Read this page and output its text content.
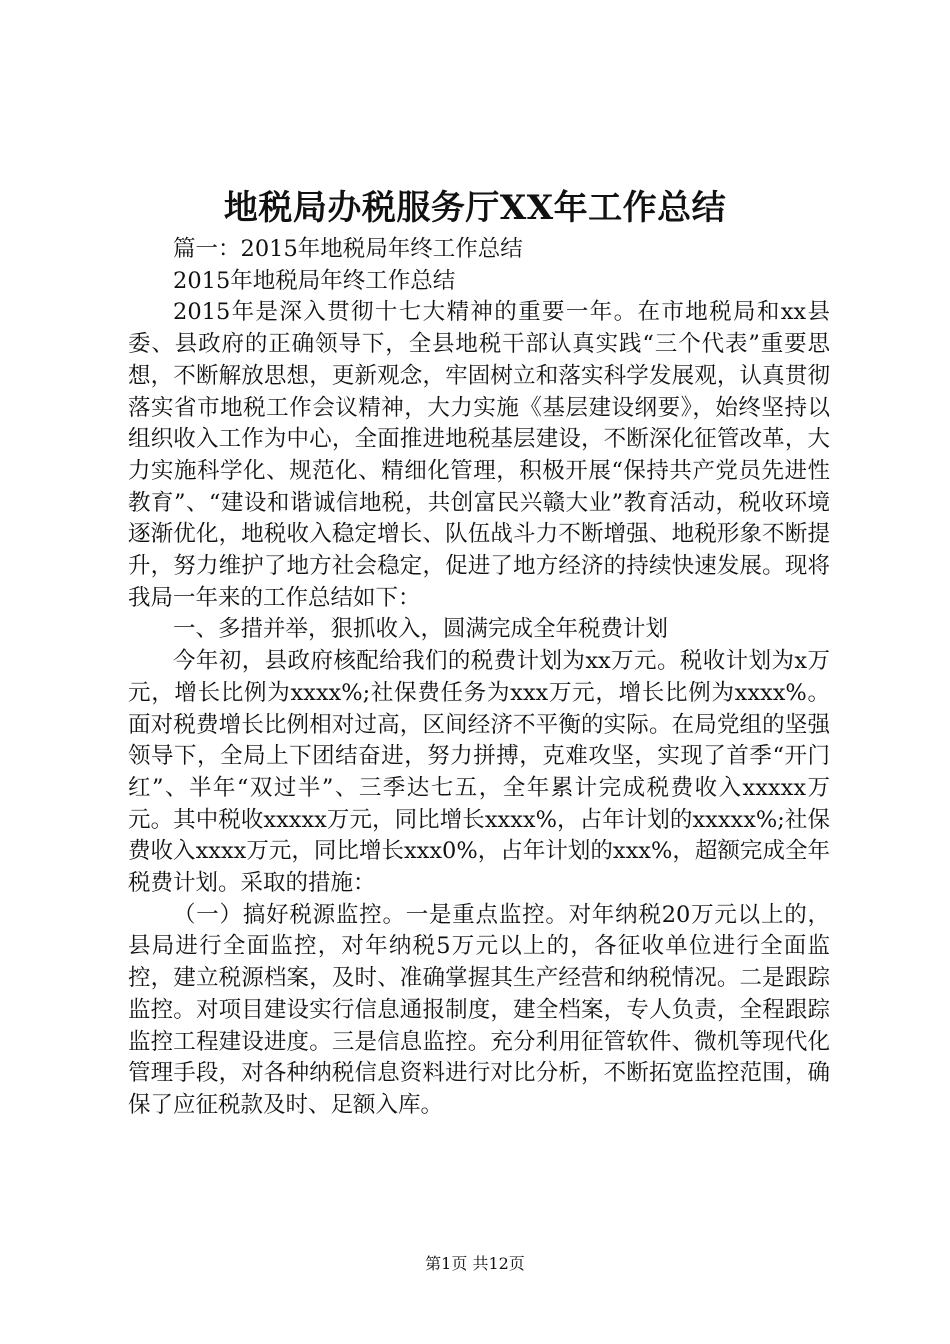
地税局办税服务厅XX年工作总结

篇一：2015年地税局年终工作总结

2015年地税局年终工作总结

2015年是深入贯彻十七大精神的重要一年。在市地税局和xx县委、县政府的正确领导下，全县地税干部认真实践“三个代表”重要思想，不断解放思想，更新观念，牢固树立和落实科学发展观，认真贯彻落实省市地税工作会议精神，大力实施《基层建设纲要》，始终坚持以组织收入工作为中心，全面推进地税基层建设，不断深化征管改革，大力实施科学化、规范化、精细化管理，积极开展“保持共产党员先进性教育”、“建设和谐诚信地税，共创富民兴赣大业”教育活动，税收环境逐渐优化，地税收入稳定增长、队伍战斗力不断增强、地税形象不断提升，努力维护了地方社会稳定，促进了地方经济的持续快速发展。现将我局一年来的工作总结如下：

一、多措并举，狠抓收入，圆满完成全年税费计划

今年初，县政府核配给我们的税费计划为xx万元。税收计划为x万元，增长比例为xxxx%;社保费任务为xxx万元，增长比例为xxxx%。面对税费增长比例相对过高，区间经济不平衡的实际。在局党组的坚强领导下，全局上下团结奋进，努力拼搏，克难攻坚，实现了首季“开门红”、半年“双过半”、三季达七五，全年累计完成税费收入xxxxx万元。其中税收xxxxx万元，同比增长xxxx%，占年计划的xxxxx%;社保费收入xxxx万元，同比增长xxx0%，占年计划的xxx%，超额完成全年税费计划。采取的措施：

（一）搞好税源监控。一是重点监控。对年纳税20万元以上的，县局进行全面监控，对年纳税5万元以上的，各征收单位进行全面监控，建立税源档案，及时、准确掌握其生产经营和纳税情况。二是跟踪监控。对项目建设实行信息通报制度，建全档案，专人负责，全程跟踪监控工程建设进度。三是信息监控。充分利用征管软件、微机等现代化管理手段，对各种纳税信息资料进行对比分析，不断拓宽监控范围，确保了应征税款及时、足额入库。

第1页 共12页
